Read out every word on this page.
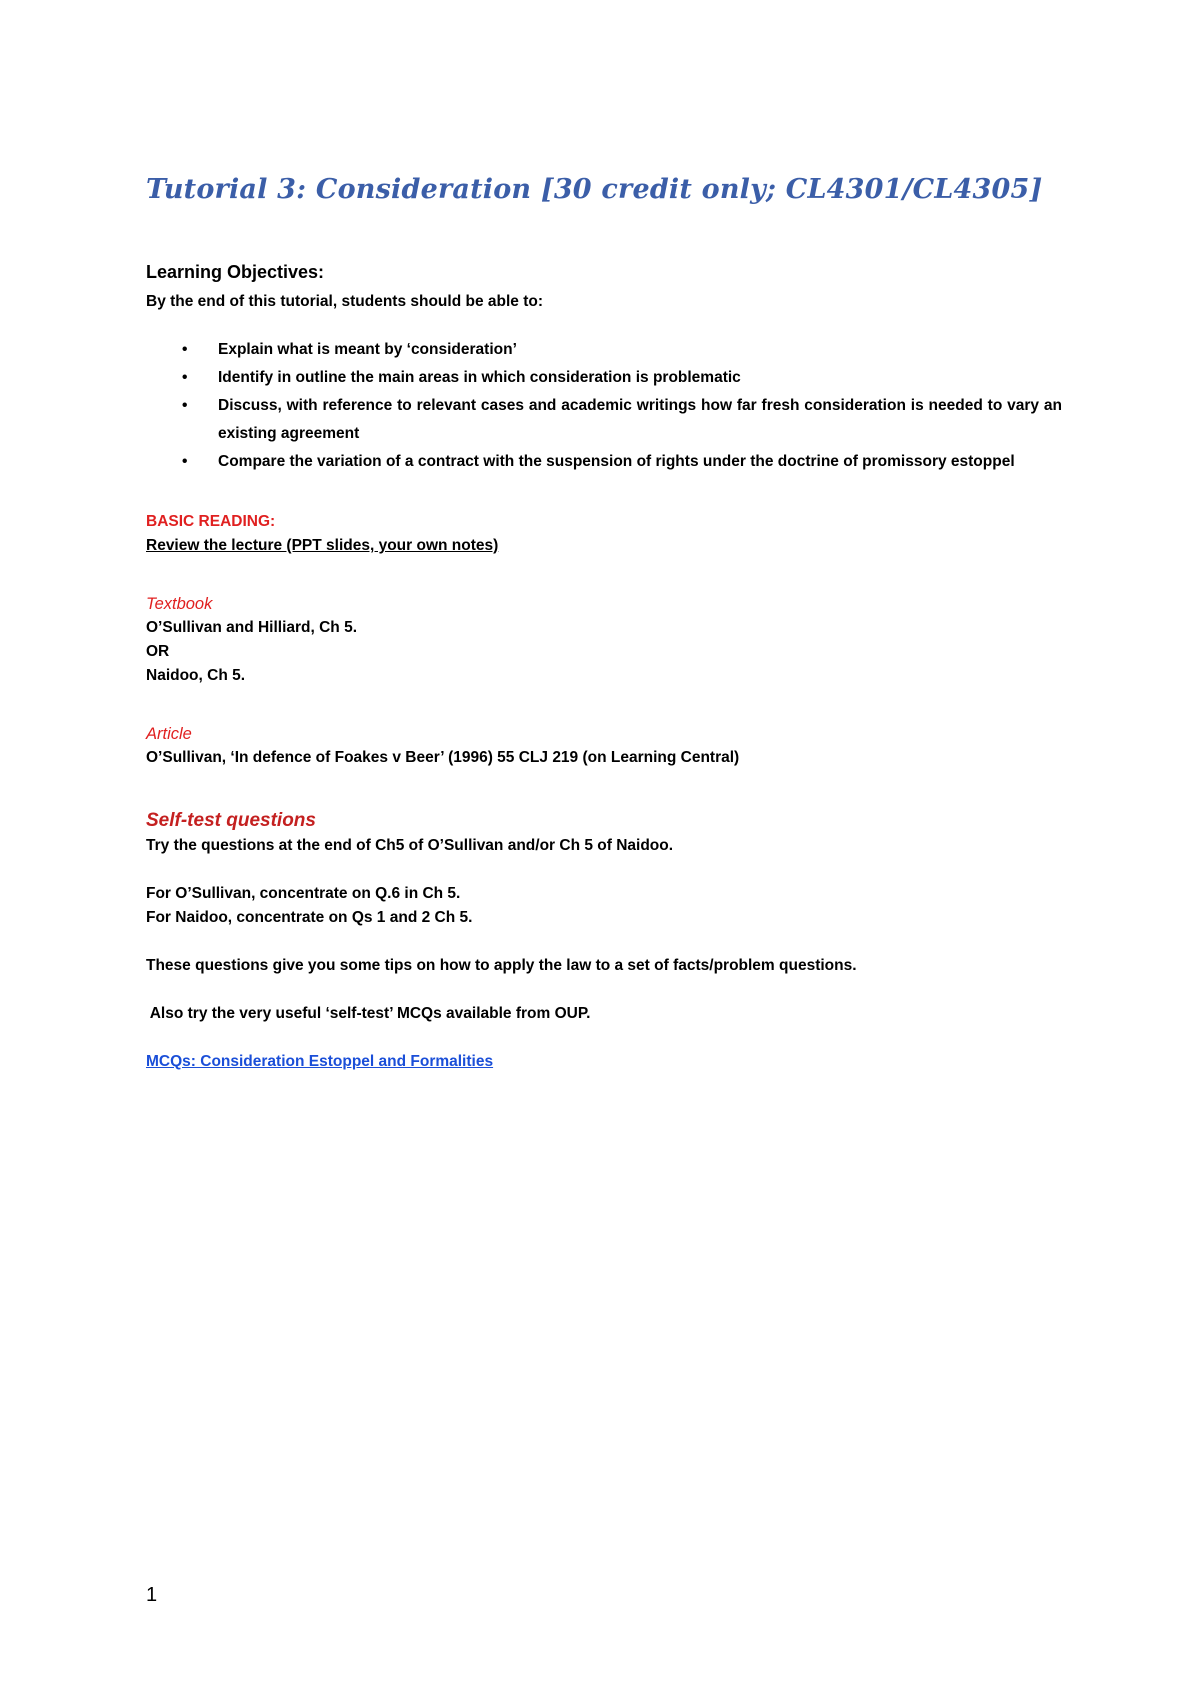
Tutorial 3: Consideration [30 credit only; CL4301/CL4305]
Learning Objectives:

By the end of this tutorial, students should be able to:

• Explain what is meant by ‘consideration’
• Identify in outline the main areas in which consideration is problematic
• Discuss, with reference to relevant cases and academic writings how far fresh consideration is needed to vary an existing agreement
• Compare the variation of a contract with the suspension of rights under the doctrine of promissory estoppel
BASIC READING:

Review the lecture (PPT slides, your own notes)

Textbook

O’Sullivan and Hilliard, Ch 5.

OR

Naidoo, Ch 5.

Article

O’Sullivan, ‘In defence of Foakes v Beer’ (1996) 55 CLJ 219 (on Learning Central)

Self-test questions

Try the questions at the end of Ch5 of O’Sullivan and/or Ch 5 of Naidoo.

For O’Sullivan, concentrate on Q.6 in Ch 5.

For Naidoo, concentrate on Qs 1 and 2 Ch 5.

These questions give you some tips on how to apply the law to a set of facts/problem questions.

Also try the very useful ‘self-test’ MCQs available from OUP.

MCQs: Consideration Estoppel and Formalities

1
